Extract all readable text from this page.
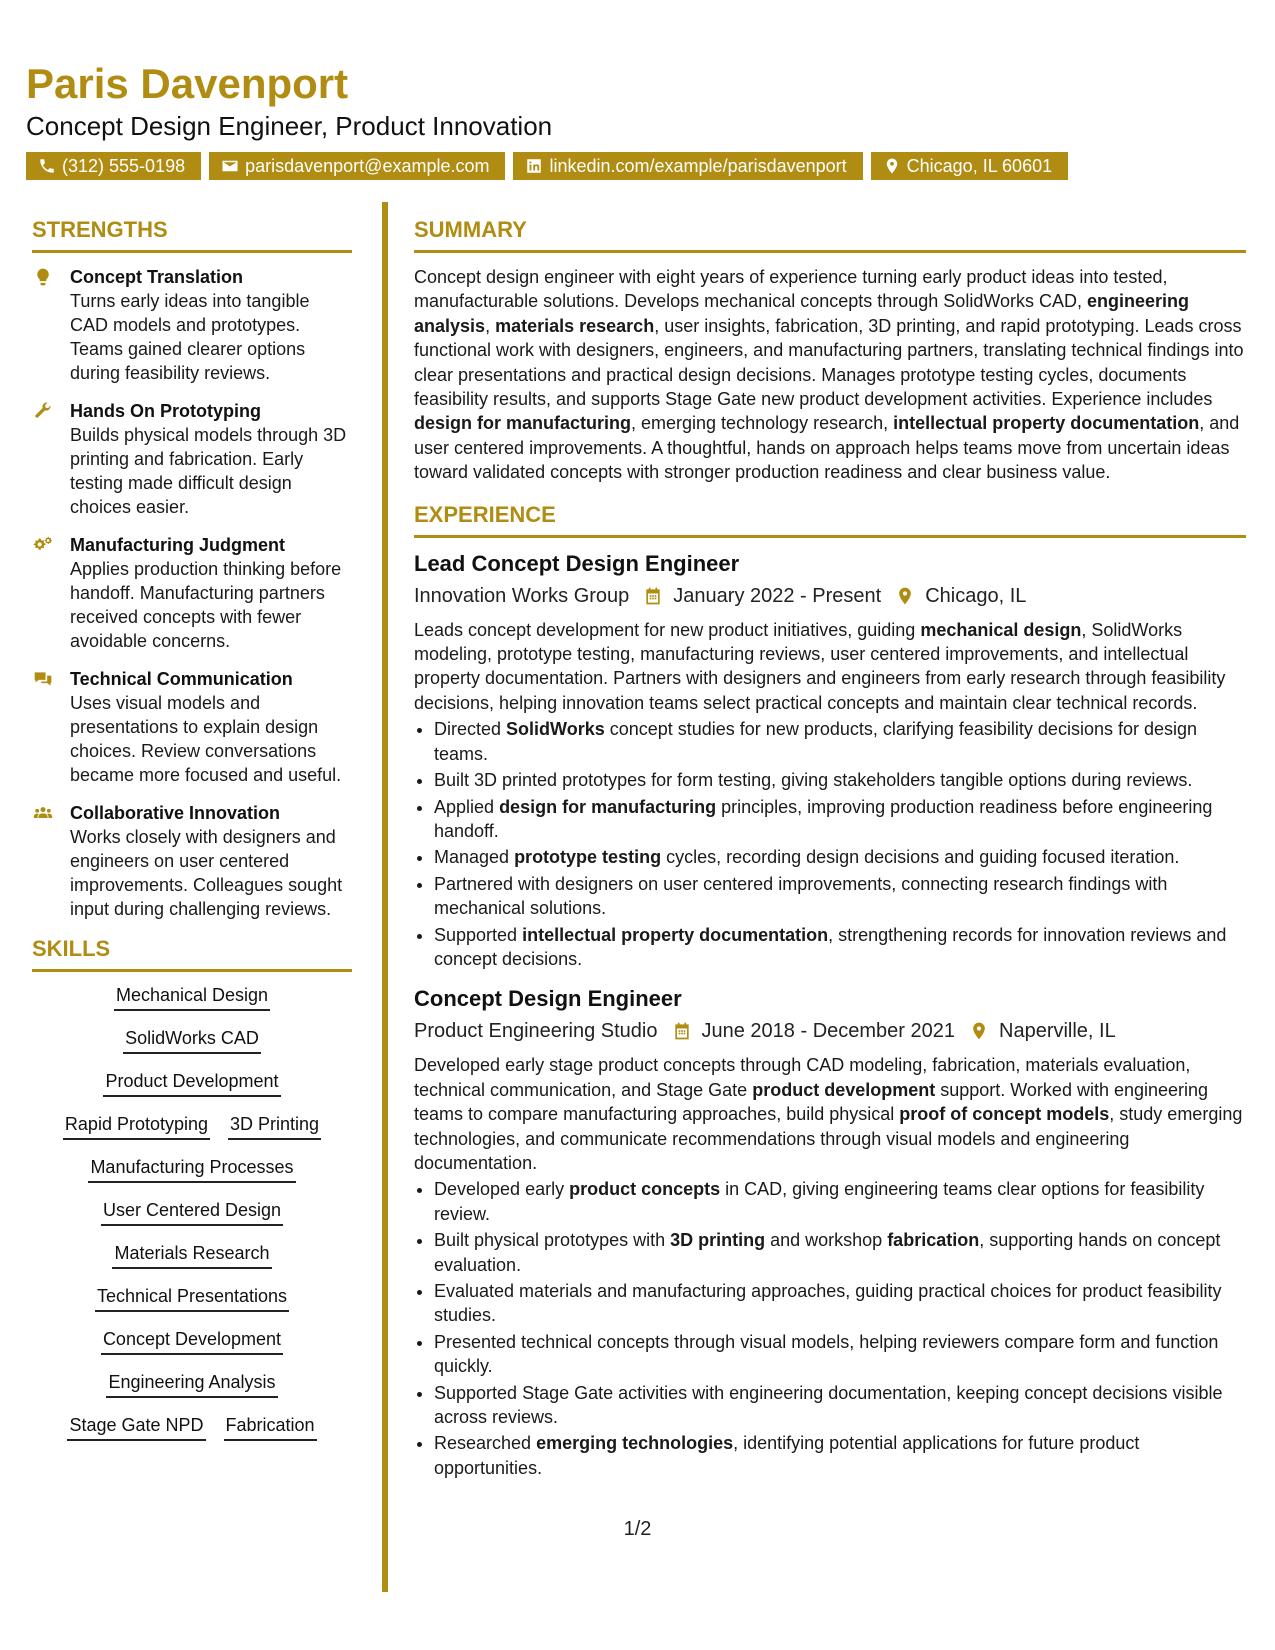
Paris Davenport
Concept Design Engineer, Product Innovation
(312) 555-0198	parisdavenport@example.com	linkedin.com/example/parisdavenport	Chicago, IL 60601
STRENGTHS
Concept Translation
Turns early ideas into tangible CAD models and prototypes. Teams gained clearer options during feasibility reviews.
Hands On Prototyping
Builds physical models through 3D printing and fabrication. Early testing made difficult design choices easier.
Manufacturing Judgment
Applies production thinking before handoff. Manufacturing partners received concepts with fewer avoidable concerns.
Technical Communication
Uses visual models and presentations to explain design choices. Review conversations became more focused and useful.
Collaborative Innovation
Works closely with designers and engineers on user centered improvements. Colleagues sought input during challenging reviews.
SKILLS
Mechanical Design
SolidWorks CAD
Product Development
Rapid Prototyping 3D Printing
Manufacturing Processes
User Centered Design
Materials Research
Technical Presentations
Concept Development
Engineering Analysis
Stage Gate NPD Fabrication
SUMMARY
Concept design engineer with eight years of experience turning early product ideas into tested, manufacturable solutions. Develops mechanical concepts through SolidWorks CAD, engineering analysis, materials research, user insights, fabrication, 3D printing, and rapid prototyping. Leads cross functional work with designers, engineers, and manufacturing partners, translating technical findings into clear presentations and practical design decisions. Manages prototype testing cycles, documents feasibility results, and supports Stage Gate new product development activities. Experience includes design for manufacturing, emerging technology research, intellectual property documentation, and user centered improvements. A thoughtful, hands on approach helps teams move from uncertain ideas toward validated concepts with stronger production readiness and clear business value.
EXPERIENCE
Lead Concept Design Engineer
Innovation Works Group January 2022 - Present Chicago, IL
Leads concept development for new product initiatives, guiding mechanical design, SolidWorks modeling, prototype testing, manufacturing reviews, user centered improvements, and intellectual property documentation. Partners with designers and engineers from early research through feasibility decisions, helping innovation teams select practical concepts and maintain clear technical records.
• Directed SolidWorks concept studies for new products, clarifying feasibility decisions for design teams.
• Built 3D printed prototypes for form testing, giving stakeholders tangible options during reviews.
• Applied design for manufacturing principles, improving production readiness before engineering handoff.
• Managed prototype testing cycles, recording design decisions and guiding focused iteration.
• Partnered with designers on user centered improvements, connecting research findings with mechanical solutions.
• Supported intellectual property documentation, strengthening records for innovation reviews and concept decisions.
Concept Design Engineer
Product Engineering Studio June 2018 - December 2021 Naperville, IL
Developed early stage product concepts through CAD modeling, fabrication, materials evaluation, technical communication, and Stage Gate product development support. Worked with engineering teams to compare manufacturing approaches, build physical proof of concept models, study emerging technologies, and communicate recommendations through visual models and engineering documentation.
• Developed early product concepts in CAD, giving engineering teams clear options for feasibility review.
• Built physical prototypes with 3D printing and workshop fabrication, supporting hands on concept evaluation.
• Evaluated materials and manufacturing approaches, guiding practical choices for product feasibility studies.
• Presented technical concepts through visual models, helping reviewers compare form and function quickly.
• Supported Stage Gate activities with engineering documentation, keeping concept decisions visible across reviews.
• Researched emerging technologies, identifying potential applications for future product opportunities.
1/2
